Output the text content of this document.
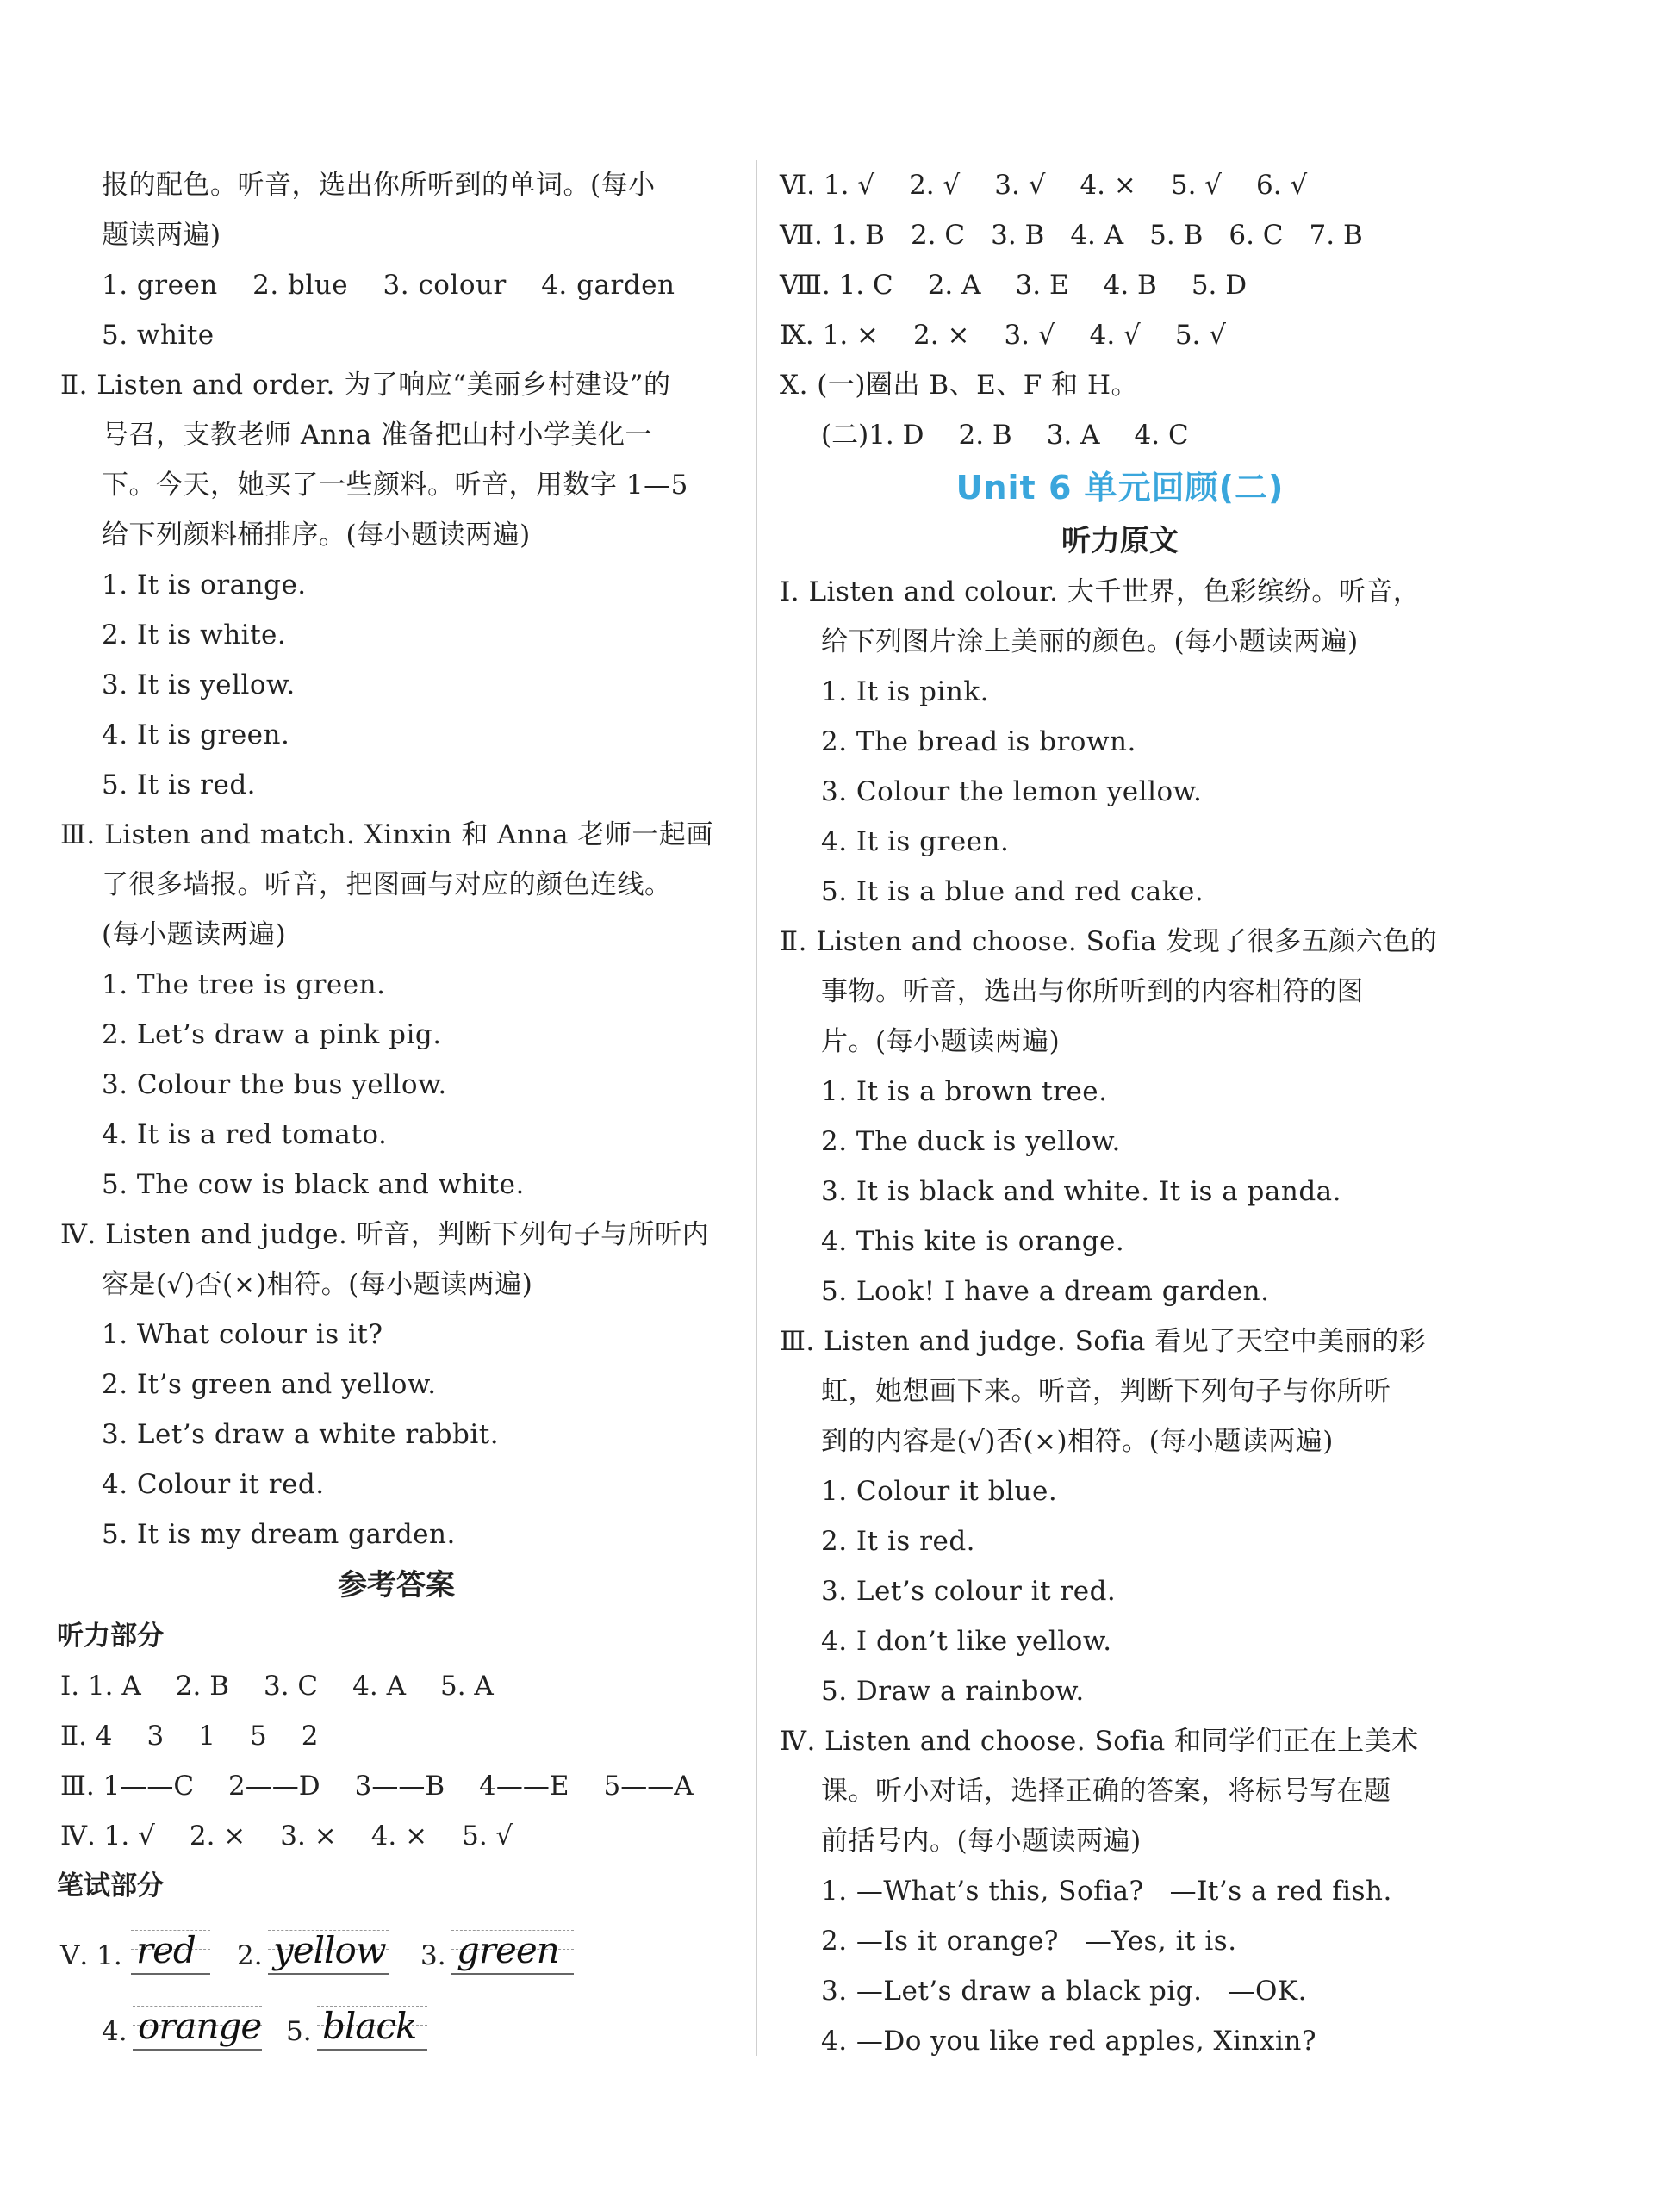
报的配色。听音，选出你所听到的单词。(每小
题读两遍)
1. green 2. blue 3. colour 4. garden
5. white
Ⅱ. Listen and order. 为了响应“美丽乡村建设”的
号召，支教老师 Anna 准备把山村小学美化一
下。今天，她买了一些颜料。听音，用数字 1—5
给下列颜料桶排序。(每小题读两遍)
1. It is orange.
2. It is white.
3. It is yellow.
4. It is green.
5. It is red.
Ⅲ. Listen and match. Xinxin 和 Anna 老师一起画
了很多墙报。听音，把图画与对应的颜色连线。
(每小题读两遍)
1. The tree is green.
2. Let’s draw a pink pig.
3. Colour the bus yellow.
4. It is a red tomato.
5. The cow is black and white.
Ⅳ. Listen and judge. 听音，判断下列句子与所听内
容是(√)否(×)相符。(每小题读两遍)
1. What colour is it?
2. It’s green and yellow.
3. Let’s draw a white rabbit.
4. Colour it red.
5. It is my dream garden.
参考答案
听力部分
Ⅰ. 1. A 2. B 3. C 4. A 5. A
Ⅱ. 4 3 1 5 2
Ⅲ. 1——C 2——D 3——B 4——E 5——A
Ⅳ. 1. √ 2. × 3. × 4. × 5. √
笔试部分
Ⅴ. 1. red 2. yellow 3. green
4. orange 5. black
Ⅵ. 1. √ 2. √ 3. √ 4. × 5. √ 6. √
Ⅶ. 1. B 2. C 3. B 4. A 5. B 6. C 7. B
Ⅷ. 1. C 2. A 3. E 4. B 5. D
Ⅸ. 1. × 2. × 3. √ 4. √ 5. √
Ⅹ. (一)圈出 B、E、F 和 H。
(二)1. D 2. B 3. A 4. C
Unit 6 单元回顾(二)
听力原文
Ⅰ. Listen and colour. 大千世界，色彩缤纷。听音，
给下列图片涂上美丽的颜色。(每小题读两遍)
1. It is pink.
2. The bread is brown.
3. Colour the lemon yellow.
4. It is green.
5. It is a blue and red cake.
Ⅱ. Listen and choose. Sofia 发现了很多五颜六色的
事物。听音，选出与你所听到的内容相符的图
片。(每小题读两遍)
1. It is a brown tree.
2. The duck is yellow.
3. It is black and white. It is a panda.
4. This kite is orange.
5. Look! I have a dream garden.
Ⅲ. Listen and judge. Sofia 看见了天空中美丽的彩
虹，她想画下来。听音，判断下列句子与你所听
到的内容是(√)否(×)相符。(每小题读两遍)
1. Colour it blue.
2. It is red.
3. Let’s colour it red.
4. I don’t like yellow.
5. Draw a rainbow.
Ⅳ. Listen and choose. Sofia 和同学们正在上美术
课。听小对话，选择正确的答案，将标号写在题
前括号内。(每小题读两遍)
1. —What’s this, Sofia? —It’s a red fish.
2. —Is it orange? —Yes, it is.
3. —Let’s draw a black pig. —OK.
4. —Do you like red apples, Xinxin?
